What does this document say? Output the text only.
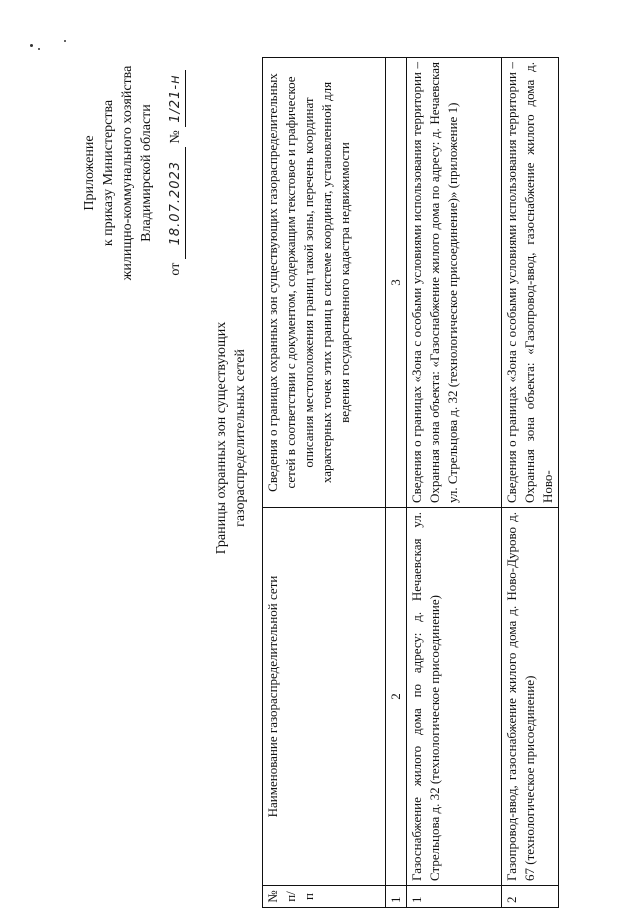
Приложение к приказу Министерства жилищно-коммунального хозяйства Владимирской области
от 18.07.2023 № 1/21-н
Границы охранных зон существующих газораспределительных сетей
№ п/п	Наименование газораспределительной сети	Сведения о границах охранных зон существующих газораспределительных сетей в соответствии с документом, содержащим текстовое и графическое описания местоположения границ такой зоны, перечень координат характерных точек этих границ в системе координат, установленной для ведения государственного кадастра недвижимости
1	2	3
1	Газоснабжение жилого дома по адресу: д. Нечаевская ул. Стрельцова д. 32 (технологическое присоединение)	Сведения о границах «Зона с особыми условиями использования территории – Охранная зона объекта: «Газоснабжение жилого дома по адресу: д. Нечаевская ул. Стрельцова д. 32 (технологическое присоединение)» (приложение 1)
2	Газопровод-ввод, газоснабжение жилого дома д. Ново-Дурово д. 67 (технологическое присоединение)	Сведения о границах «Зона с особыми условиями использования территории – Охранная зона объекта: «Газопровод-ввод, газоснабжение жилого дома д. Ново-
